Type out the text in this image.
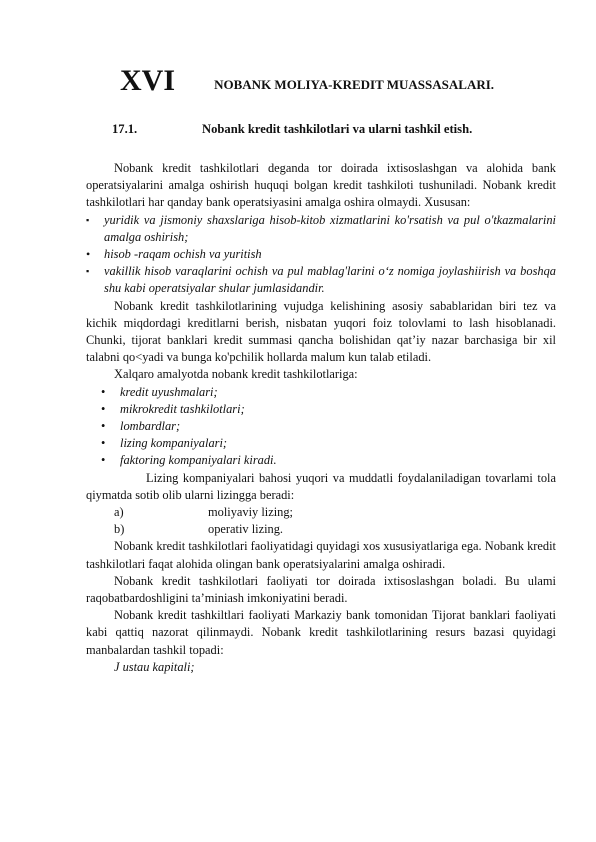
XVI	NOBANK MOLIYA-KREDIT MUASSASALARI.
17.1.	Nobank kredit tashkilotlari va ularni tashkil etish.

Nobank kredit tashkilotlari deganda tor doirada ixtisoslashgan va alohida bank operatsiyalarini amalga oshirish huquqi bolgan kredit tashkiloti tushuniladi. Nobank kredit tashkilotlari har qanday bank operatsiyasini amalga oshira olmaydi. Xususan:

▪ yuridik va jismoniy shaxslariga hisob-kitob xizmatlarini ko'rsatish va pul o'tkazmalarini amalga oshirish;
• hisob -raqam ochish va yuritish
▪ vakillik hisob varaqlarini ochish va pul mablag'larini o‘z nomiga joylashiirish va boshqa shu kabi operatsiyalar shular jumlasidandir.

Nobank kredit tashkilotlarining vujudga kelishining asosiy sabablaridan biri tez va kichik miqdordagi kreditlarni berish, nisbatan yuqori foiz tolovlami to lash hisoblanadi. Chunki, tijorat banklari kredit summasi qancha bolishidan qat’iy nazar barchasiga bir xil talabni qo<yadi va bunga ko'pchilik hollarda malum kun talab etiladi.

Xalqaro amalyotda nobank kredit tashkilotlariga:

• kredit uyushmalari;
• mikrokredit tashkilotlari;
• lombardlar;
• lizing kompaniyalari;
• faktoring kompaniyalari kiradi.

Lizing kompaniyalari bahosi yuqori va muddatli foydalaniladigan tovarlami tola qiymatda sotib olib ularni lizingga beradi:

a)	moliyaviy lizing;
b)	operativ lizing.

Nobank kredit tashkilotlari faoliyatidagi quyidagi xos xususiyatlariga ega. Nobank kredit tashkilotlari faqat alohida olingan bank operatsiyalarini amalga oshiradi.

Nobank kredit tashkilotlari faoliyati tor doirada ixtisoslashgan boladi. Bu ulami raqobatbardoshligini ta’miniash imkoniyatini beradi.

Nobank kredit tashkiltlari faoliyati Markaziy bank tomonidan Tijorat banklari faoliyati kabi qattiq nazorat qilinmaydi. Nobank kredit tashkilotlarining resurs bazasi quyidagi manbalardan tashkil topadi:

J ustau kapitali;
